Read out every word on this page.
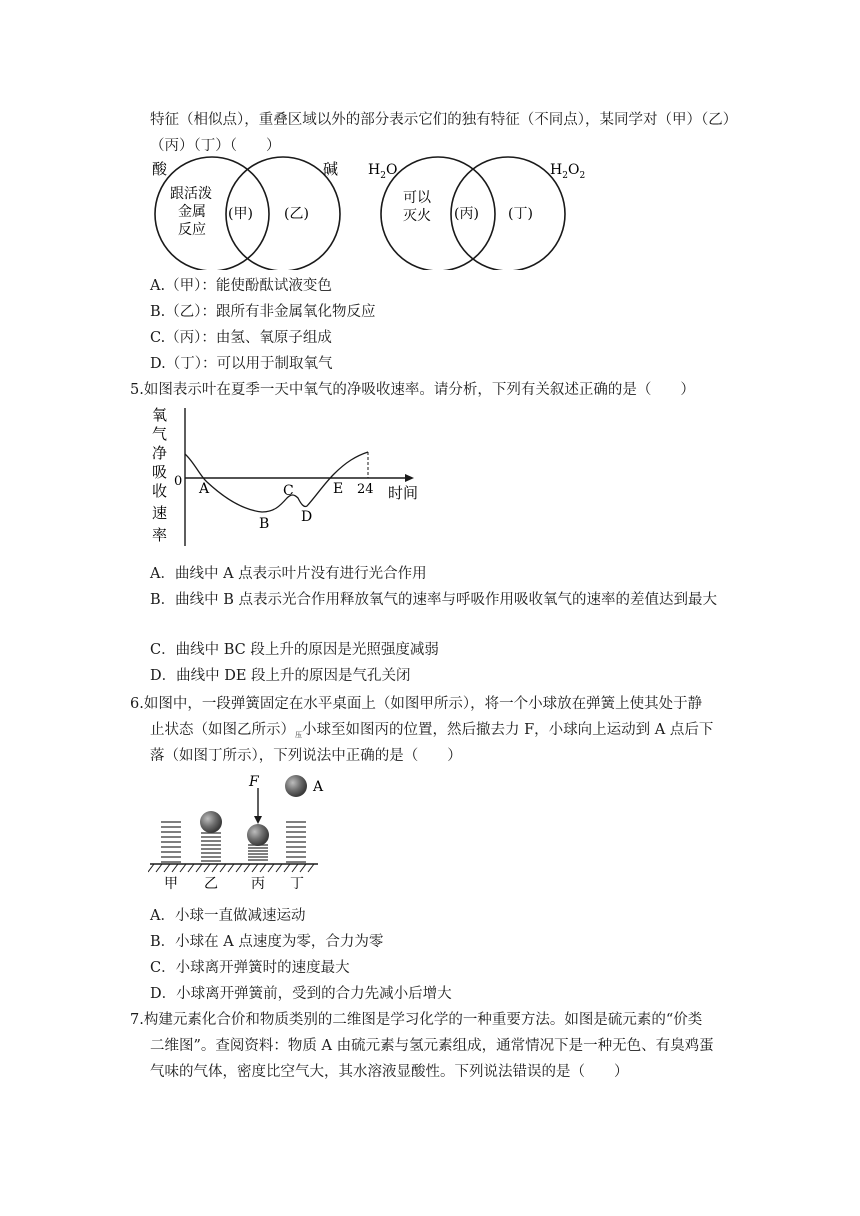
特征（相似点），重叠区域以外的部分表示它们的独有特征（不同点），某同学对（甲）（乙）
（丙）（丁）（　　）
酸	碱
跟活泼
金属
反应
(甲) (乙)
$H_2O$	$H_2O_2$
可以
灭火 (丙) (丁)
A.（甲）：能使酚酞试液变色
B.（乙）：跟所有非金属氧化物反应
C.（丙）：由氢、氧原子组成
D.（丁）：可以用于制取氧气
5.如图表示叶在夏季一天中氧气的净吸收速率。请分析，下列有关叙述正确的是（　　）
氧
气
净
吸
收
速
率
0 A
B
C
D
E 24 时间
A．曲线中 A 点表示叶片没有进行光合作用
B．曲线中 B 点表示光合作用释放氧气的速率与呼吸作用吸收氧气的速率的差值达到最大
C．曲线中 BC 段上升的原因是光照强度减弱
D．曲线中 DE 段上升的原因是气孔关闭
6.如图中，一段弹簧固定在水平桌面上（如图甲所示），将一个小球放在弹簧上使其处于静
止状态（如图乙所示）$_压$小球至如图丙的位置，然后撤去力 F，小球向上运动到 A 点后下
落（如图丁所示），下列说法中正确的是（　　）
F	A
甲 乙 丙 丁
A．小球一直做减速运动
B．小球在 A 点速度为零，合力为零
C．小球离开弹簧时的速度最大
D．小球离开弹簧前，受到的合力先减小后增大
7.构建元素化合价和物质类别的二维图是学习化学的一种重要方法。如图是硫元素的“价类
二维图”。查阅资料：物质 A 由硫元素与氢元素组成，通常情况下是一种无色、有臭鸡蛋
气味的气体，密度比空气大，其水溶液显酸性。下列说法错误的是（　　）
